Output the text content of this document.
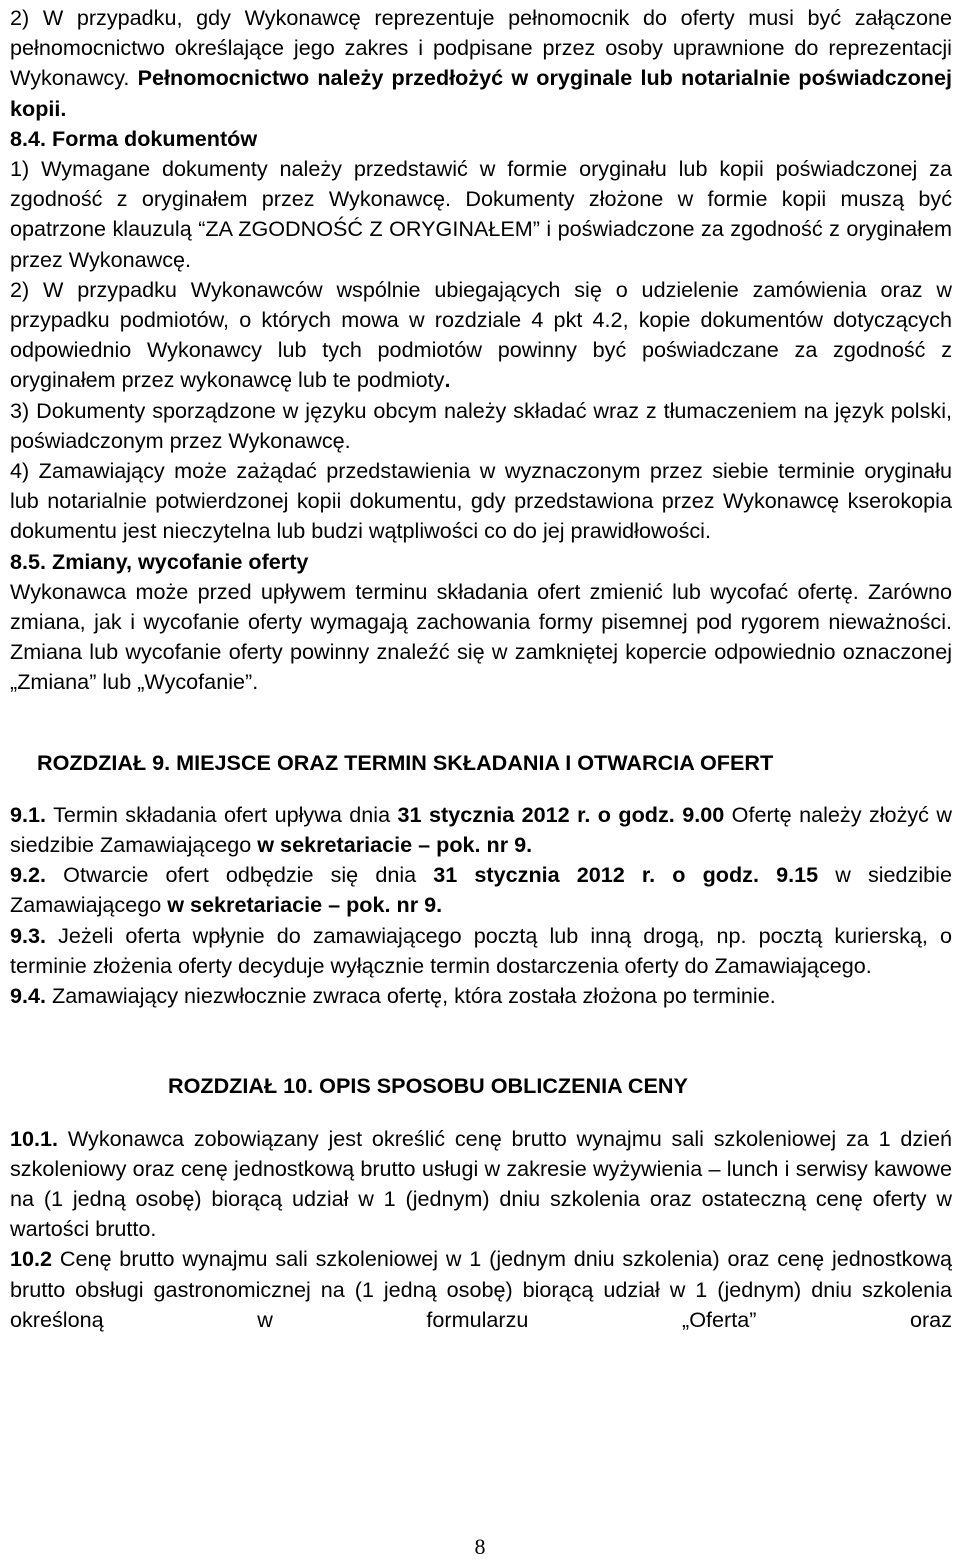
2) W przypadku, gdy Wykonawcę reprezentuje pełnomocnik do oferty musi być załączone pełnomocnictwo określające jego zakres i podpisane przez osoby uprawnione do reprezentacji Wykonawcy. Pełnomocnictwo należy przedłożyć w oryginale lub notarialnie poświadczonej kopii.

8.4. Forma dokumentów

1) Wymagane dokumenty należy przedstawić w formie oryginału lub kopii poświadczonej za zgodność z oryginałem przez Wykonawcę. Dokumenty złożone w formie kopii muszą być opatrzone klauzulą “ZA ZGODNOŚĆ Z ORYGINAŁEM” i poświadczone za zgodność z oryginałem przez Wykonawcę.

2) W przypadku Wykonawców wspólnie ubiegających się o udzielenie zamówienia oraz w przypadku podmiotów, o których mowa w rozdziale 4 pkt 4.2, kopie dokumentów dotyczących odpowiednio Wykonawcy lub tych podmiotów powinny być poświadczane za zgodność z oryginałem przez wykonawcę lub te podmioty.

3) Dokumenty sporządzone w języku obcym należy składać wraz z tłumaczeniem na język polski, poświadczonym przez Wykonawcę.

4) Zamawiający może zażądać przedstawienia w wyznaczonym przez siebie terminie oryginału lub notarialnie potwierdzonej kopii dokumentu, gdy przedstawiona przez Wykonawcę kserokopia dokumentu jest nieczytelna lub budzi wątpliwości co do jej prawidłowości.

8.5. Zmiany, wycofanie oferty

Wykonawca może przed upływem terminu składania ofert zmienić lub wycofać ofertę. Zarówno zmiana, jak i wycofanie oferty wymagają zachowania formy pisemnej pod rygorem nieważności. Zmiana lub wycofanie oferty powinny znaleźć się w zamkniętej kopercie odpowiednio oznaczonej „Zmiana” lub „Wycofanie”.

ROZDZIAŁ 9. MIEJSCE ORAZ TERMIN SKŁADANIA I OTWARCIA OFERT

9.1. Termin składania ofert upływa dnia 31 stycznia 2012 r. o godz. 9.00 Ofertę należy złożyć w siedzibie Zamawiającego w sekretariacie – pok. nr 9.

9.2. Otwarcie ofert odbędzie się dnia 31 stycznia 2012 r. o godz. 9.15 w siedzibie Zamawiającego w sekretariacie – pok. nr 9.

9.3. Jeżeli oferta wpłynie do zamawiającego pocztą lub inną drogą, np. pocztą kurierską, o terminie złożenia oferty decyduje wyłącznie termin dostarczenia oferty do Zamawiającego.

9.4. Zamawiający niezwłocznie zwraca ofertę, która została złożona po terminie.

ROZDZIAŁ 10. OPIS SPOSOBU OBLICZENIA CENY

10.1. Wykonawca zobowiązany jest określić cenę brutto wynajmu sali szkoleniowej za 1 dzień szkoleniowy oraz cenę jednostkową brutto usługi w zakresie wyżywienia – lunch i serwisy kawowe na (1 jedną osobę) biorącą udział w 1 (jednym) dniu szkolenia oraz ostateczną cenę oferty w wartości brutto.

10.2 Cenę brutto wynajmu sali szkoleniowej w 1 (jednym dniu szkolenia) oraz cenę jednostkową brutto obsługi gastronomicznej na (1 jedną osobę) biorącą udział w 1 (jednym) dniu szkolenia określoną w formularzu „Oferta” oraz

8
